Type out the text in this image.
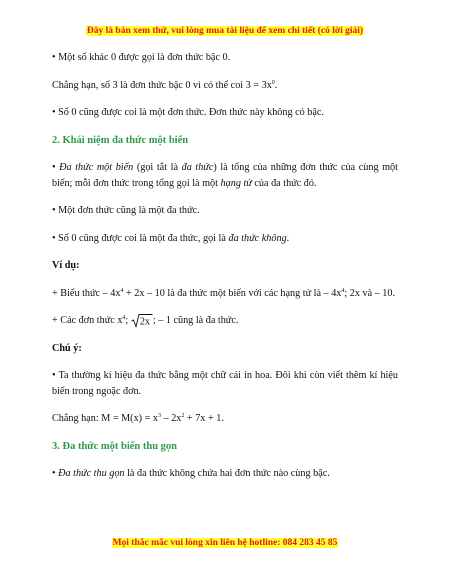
Đây là bản xem thử, vui lòng mua tài liệu để xem chi tiết (có lời giải)

• Một số khác 0 được gọi là đơn thức bậc 0.

Chẳng hạn, số 3 là đơn thức bậc 0 vì có thể coi $3 = 3x^0$.

• Số 0 cũng được coi là một đơn thức. Đơn thức này không có bậc.

2. Khái niệm đa thức một biến

• Đa thức một biến (gọi tắt là đa thức) là tổng của những đơn thức của cùng một biến; mỗi đơn thức trong tổng gọi là một hạng tử của đa thức đó.

• Một đơn thức cũng là một đa thức.

• Số 0 cũng được coi là một đa thức, gọi là đa thức không.

Ví dụ:

+ Biểu thức – $4x^4 + 2x - 10$ là đa thức một biến với các hạng tử là – $4x^4$; 2x và – 10.

+ Các đơn thức $x^4$; 2x ; – 1 cũng là đa thức.

Chú ý:

• Ta thường kí hiệu đa thức bằng một chữ cái in hoa. Đôi khi còn viết thêm kí hiệu biến trong ngoặc đơn.

Chẳng hạn: $M = M(x) = x^3 - 2x^2 + 7x + 1$.

3. Đa thức một biến thu gọn

• Đa thức thu gọn là đa thức không chứa hai đơn thức nào cùng bậc.

Mọi thắc mắc vui lòng xin liên hệ hotline: 084 283 45 85
